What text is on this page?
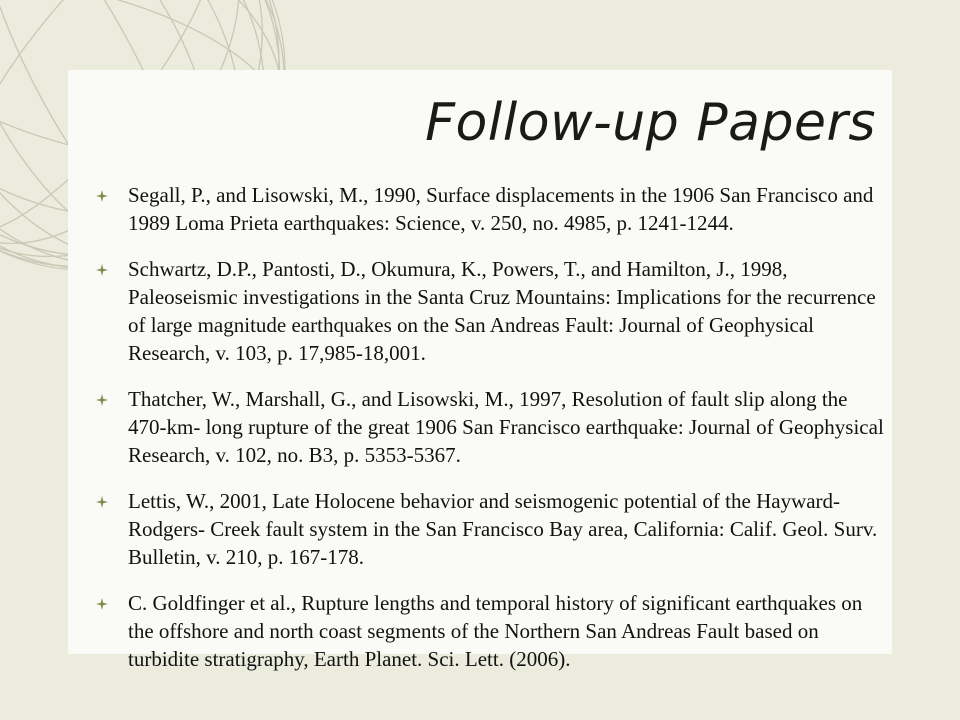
Follow-up Papers
Segall, P., and Lisowski, M., 1990, Surface displacements in the 1906 San Francisco and 1989 Loma Prieta earthquakes: Science, v. 250, no. 4985, p. 1241-1244.
Schwartz, D.P., Pantosti, D., Okumura, K., Powers, T., and Hamilton, J., 1998, Paleoseismic investigations in the Santa Cruz Mountains: Implications for the recurrence of large magnitude earthquakes on the San Andreas Fault: Journal of Geophysical Research, v. 103, p. 17,985-18,001.
Thatcher, W., Marshall, G., and Lisowski, M., 1997, Resolution of fault slip along the 470-km- long rupture of the great 1906 San Francisco earthquake: Journal of Geophysical Research, v. 102, no. B3, p. 5353-5367.
Lettis, W., 2001, Late Holocene behavior and seismogenic potential of the Hayward-Rodgers- Creek fault system in the San Francisco Bay area, California: Calif. Geol. Surv. Bulletin, v. 210, p. 167-178.
C. Goldfinger et al., Rupture lengths and temporal history of significant earthquakes on the offshore and north coast segments of the Northern San Andreas Fault based on turbidite stratigraphy, Earth Planet. Sci. Lett. (2006).
